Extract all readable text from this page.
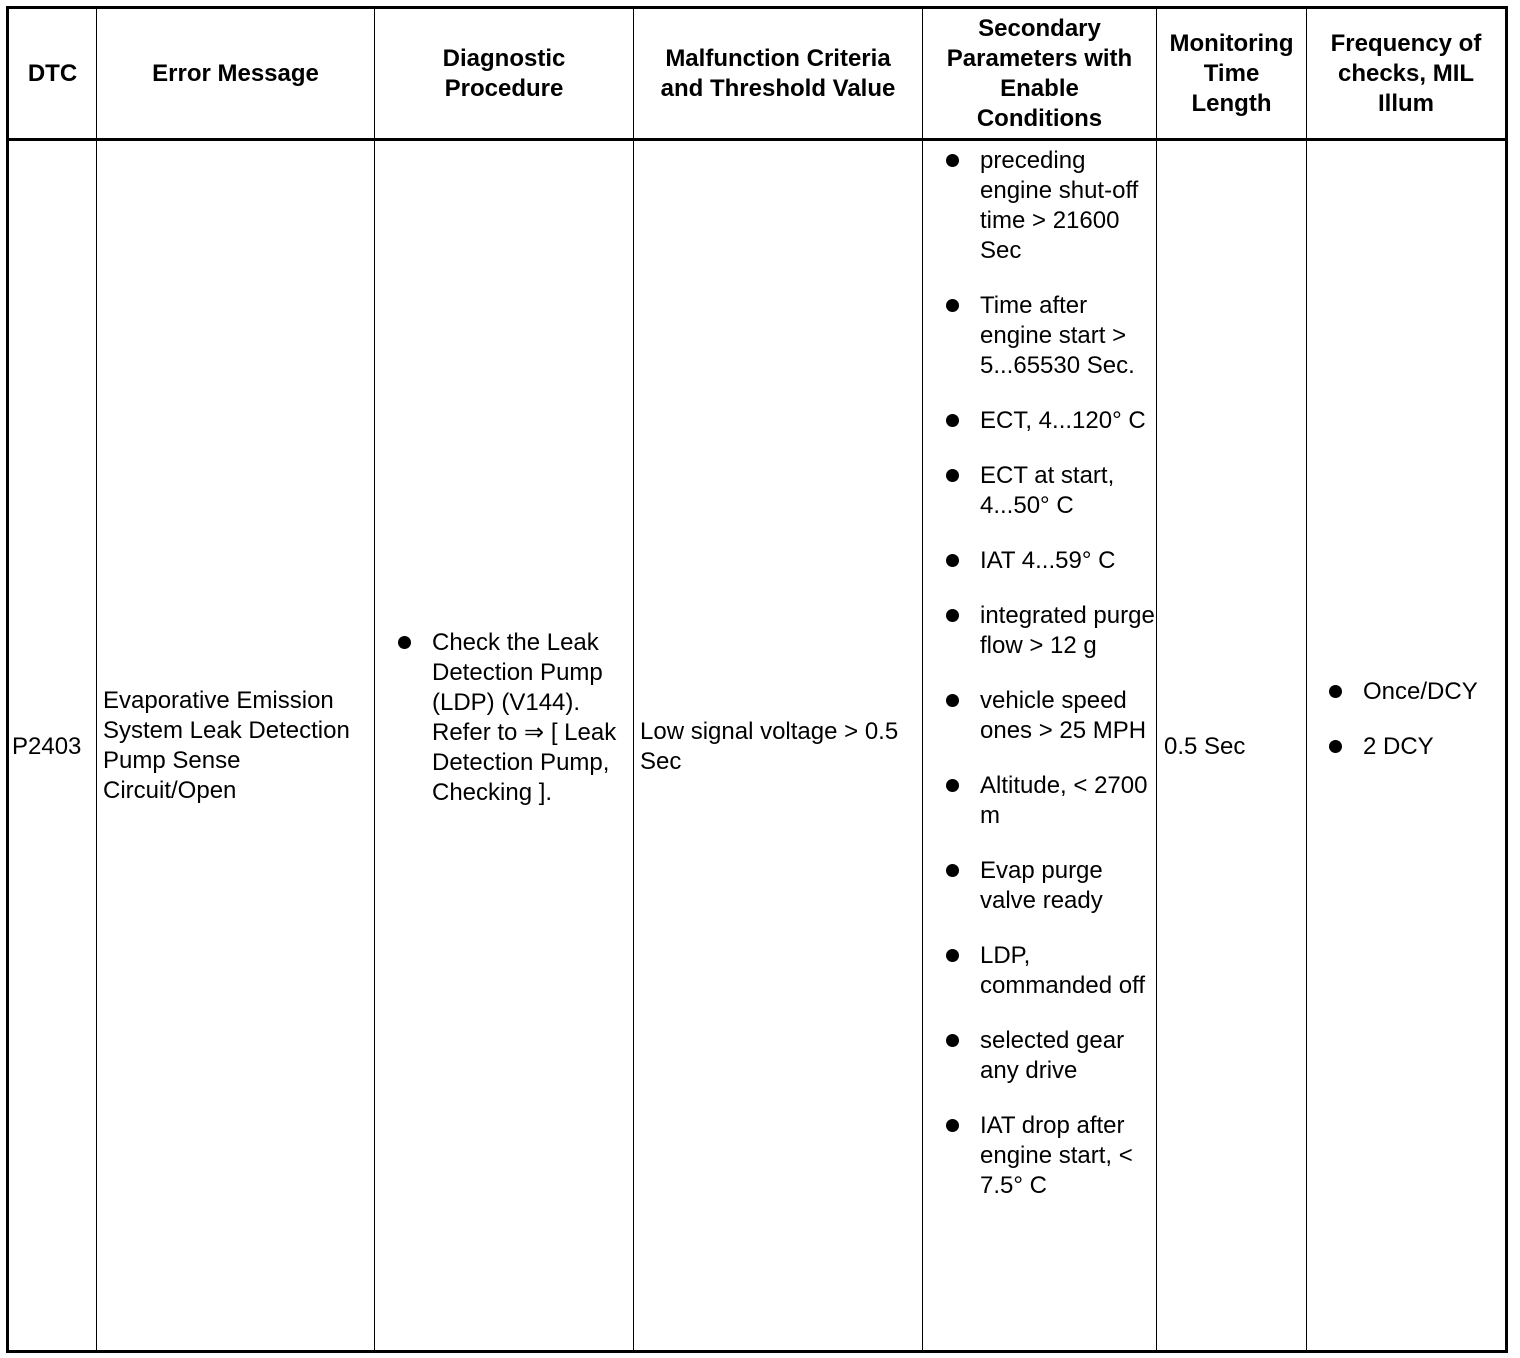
DTC	Error Message
Diagnostic Procedure
Malfunction Criteria and Threshold Value
Secondary Parameters with Enable Conditions
Monitoring Time Length
Frequency of checks, MIL Illum
P2403
Evaporative Emission System Leak Detection Pump Sense Circuit/Open
Check the Leak Detection Pump (LDP) (V144). Refer to ⇒ [ Leak Detection Pump, Checking ].
Low signal voltage > 0.5 Sec
preceding engine shut-off time > 21600 Sec
Time after engine start > 5...65530 Sec.
ECT, 4...120° C
ECT at start, 4...50° C
IAT 4...59° C
integrated purge flow > 12 g
vehicle speed ones > 25 MPH
Altitude, < 2700 m
Evap purge valve ready
LDP, commanded off
selected gear any drive
IAT drop after engine start, < 7.5° C
0.5 Sec
Once/DCY
2 DCY
